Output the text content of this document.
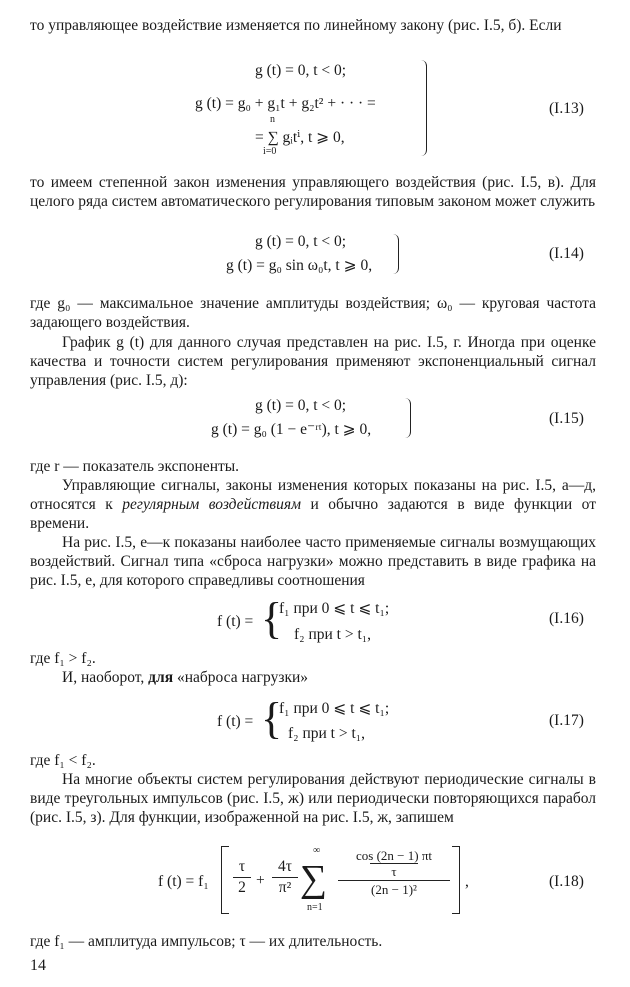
то управляющее воздействие изменяется по линейному закону (рис. I.5, б). Если

g (t) = 0, t < 0;
g (t) = g₀ + g₁t + g₂t² + · · · =
n
= ∑ gᵢtⁱ, t ⩾ 0,
i=0
(I.13)

то имеем степенной закон изменения управляющего воздействия (рис. I.5, в). Для целого ряда систем автоматического регулирования типовым законом может служить

g (t) = 0, t < 0;
g (t) = g₀ sin ω₀t, t ⩾ 0,
(I.14)

где g₀ — максимальное значение амплитуды воздействия; ω₀ — круговая частота задающего воздействия.

График g (t) для данного случая представлен на рис. I.5, г. Иногда при оценке качества и точности систем регулирования применяют экспоненциальный сигнал управления (рис. I.5, д):

g (t) = 0, t < 0;
g (t) = g₀ (1 − e⁻ʳᵗ), t ⩾ 0,
(I.15)

где r — показатель экспоненты.

Управляющие сигналы, законы изменения которых показаны на рис. I.5, а—д, относятся к регулярным воздействиям и обычно задаются в виде функции от времени.

На рис. I.5, е—к показаны наиболее часто применяемые сигналы возмущающих воздействий. Сигнал типа «сброса нагрузки» можно представить в виде графика на рис. I.5, е, для которого справедливы соотношения

f (t) = {
f₁ при 0 ⩽ t ⩽ t₁;
f₂ при t > t₁,
(I.16)

где f₁ > f₂.

И, наоборот, для «наброса нагрузки»

f (t) = {
f₁ при 0 ⩽ t ⩽ t₁;
f₂ при t > t₁,
(I.17)

где f₁ < f₂.

На многие объекты систем регулирования действуют периодические сигналы в виде треугольных импульсов (рис. I.5, ж) или периодически повторяющихся парабол (рис. I.5, з). Для функции, изображенной на рис. I.5, ж, запишем

f $(t) = f_1 \frac{\tau}{2} + \frac{4\tau}{\text{π²}}$
∞
∑
n=1
cos (2n − 1) πt
τ
(2n − 1)² ,	(I.18)

где f₁ — амплитуда импульсов; τ — их длительность.

14
